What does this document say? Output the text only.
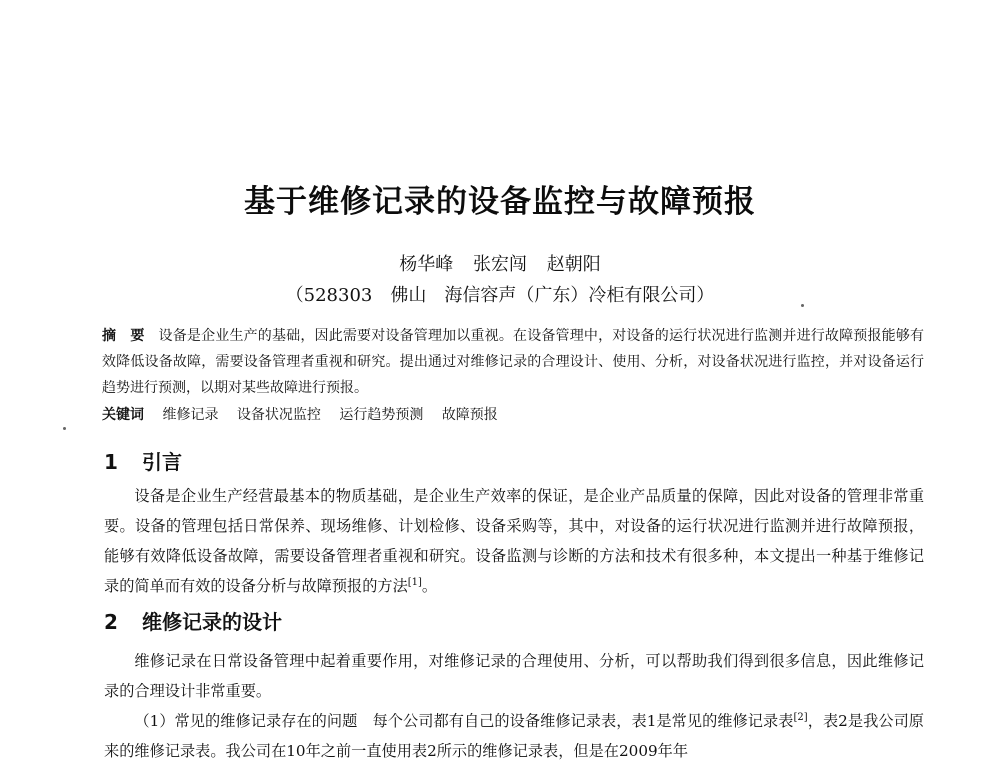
基于维修记录的设备监控与故障预报
杨华峰 张宏闯 赵朝阳
（528303　佛山　海信容声（广东）冷柜有限公司）
摘　要 设备是企业生产的基础，因此需要对设备管理加以重视。在设备管理中，对设备的运行状况进行监测并进行故障预报能够有效降低设备故障，需要设备管理者重视和研究。提出通过对维修记录的合理设计、使用、分析，对设备状况进行监控，并对设备运行趋势进行预测，以期对某些故障进行预报。
关键词 维修记录 设备状况监控 运行趋势预测 故障预报
1 引言

设备是企业生产经营最基本的物质基础，是企业生产效率的保证，是企业产品质量的保障，因此对设备的管理非常重要。设备的管理包括日常保养、现场维修、计划检修、设备采购等，其中，对设备的运行状况进行监测并进行故障预报，能够有效降低设备故障，需要设备管理者重视和研究。设备监测与诊断的方法和技术有很多种，本文提出一种基于维修记录的简单而有效的设备分析与故障预报的方法[1]。

2 维修记录的设计

维修记录在日常设备管理中起着重要作用，对维修记录的合理使用、分析，可以帮助我们得到很多信息，因此维修记录的合理设计非常重要。

（1）常见的维修记录存在的问题　每个公司都有自己的设备维修记录表，表1是常见的维修记录表[2]，表2是我公司原来的维修记录表。我公司在10年之前一直使用表2所示的维修记录表，但是在2009年年
